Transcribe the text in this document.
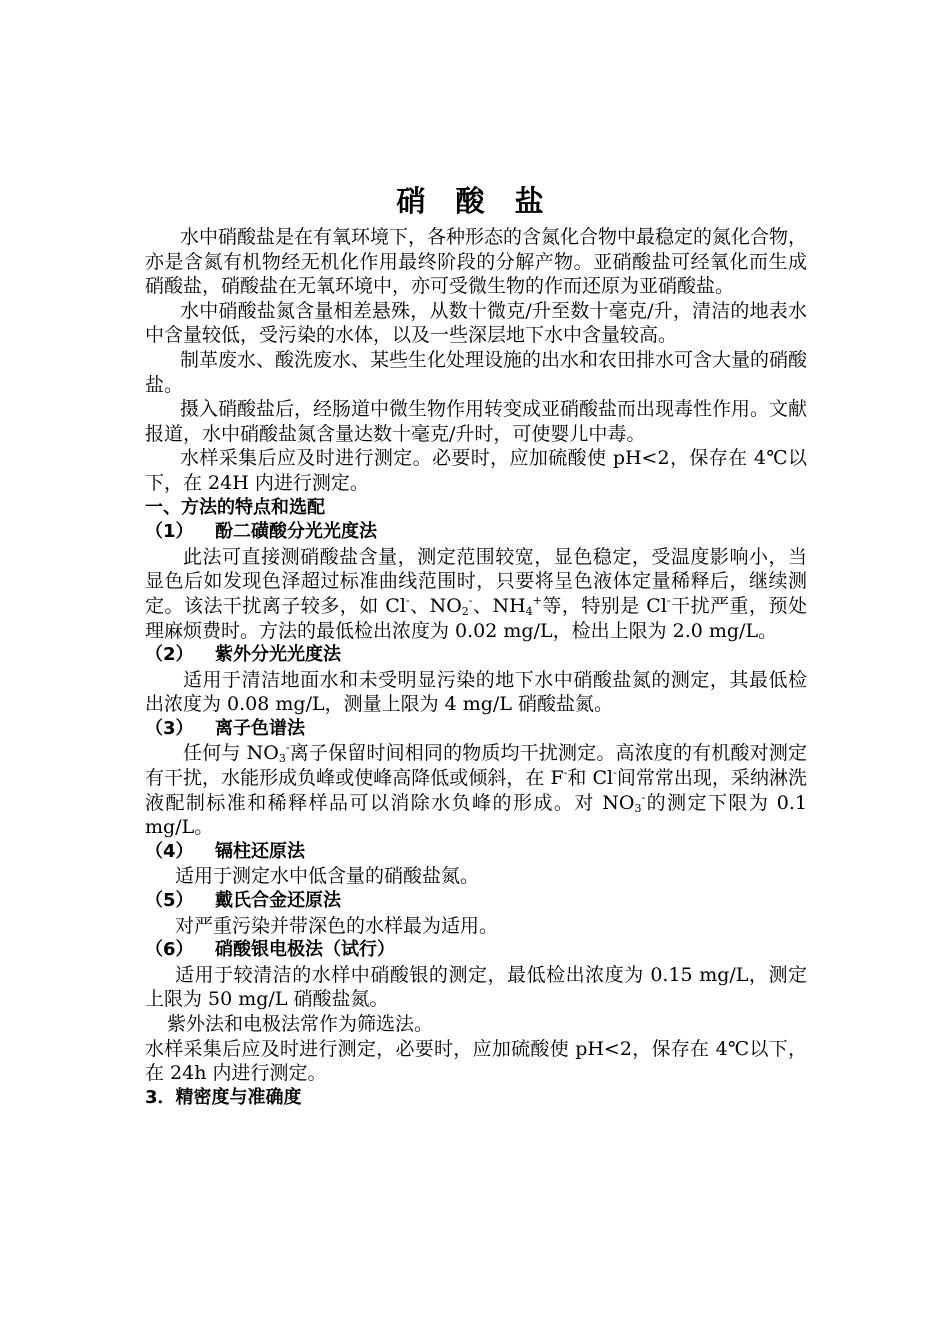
硝 酸 盐

水中硝酸盐是在有氧环境下，各种形态的含氮化合物中最稳定的氮化合物，亦是含氮有机物经无机化作用最终阶段的分解产物。亚硝酸盐可经氧化而生成硝酸盐，硝酸盐在无氧环境中，亦可受微生物的作而还原为亚硝酸盐。

水中硝酸盐氮含量相差悬殊，从数十微克/升至数十毫克/升，清洁的地表水中含量较低，受污染的水体，以及一些深层地下水中含量较高。

制革废水、酸洗废水、某些生化处理设施的出水和农田排水可含大量的硝酸盐。

摄入硝酸盐后，经肠道中微生物作用转变成亚硝酸盐而出现毒性作用。文献报道，水中硝酸盐氮含量达数十毫克/升时，可使婴儿中毒。

水样采集后应及时进行测定。必要时，应加硫酸使 pH<2，保存在 4℃以下，在 24H 内进行测定。

一、方法的特点和选配
（1） 酚二磺酸分光光度法

此法可直接测硝酸盐含量，测定范围较宽，显色稳定，受温度影响小，当显色后如发现色泽超过标准曲线范围时，只要将呈色液体定量稀释后，继续测定。该法干扰离子较多，如 Cl-、$NO_2^-$、$NH_4^+$等，特别是 Cl-干扰严重，预处理麻烦费时。方法的最低检出浓度为 0.02 mg/L，检出上限为 2.0 mg/L。

（2） 紫外分光光度法

适用于清洁地面水和未受明显污染的地下水中硝酸盐氮的测定，其最低检出浓度为 0.08 mg/L，测量上限为 4 mg/L 硝酸盐氮。

（3） 离子色谱法

任何与 $NO_3^-$离子保留时间相同的物质均干扰测定。高浓度的有机酸对测定有干扰，水能形成负峰或使峰高降低或倾斜，在 F-和 Cl-间常常出现，采纳淋洗液配制标准和稀释样品可以消除水负峰的形成。对 $NO_3^-$的测定下限为 0.1 mg/L。

（4） 镉柱还原法

适用于测定水中低含量的硝酸盐氮。

（5） 戴氏合金还原法

对严重污染并带深色的水样最为适用。

（6） 硝酸银电极法（试行）

适用于较清洁的水样中硝酸银的测定，最低检出浓度为 0.15 mg/L，测定上限为 50 mg/L 硝酸盐氮。

紫外法和电极法常作为筛选法。

水样采集后应及时进行测定，必要时，应加硫酸使 pH<2，保存在 4℃以下，在 24h 内进行测定。

3．精密度与准确度
